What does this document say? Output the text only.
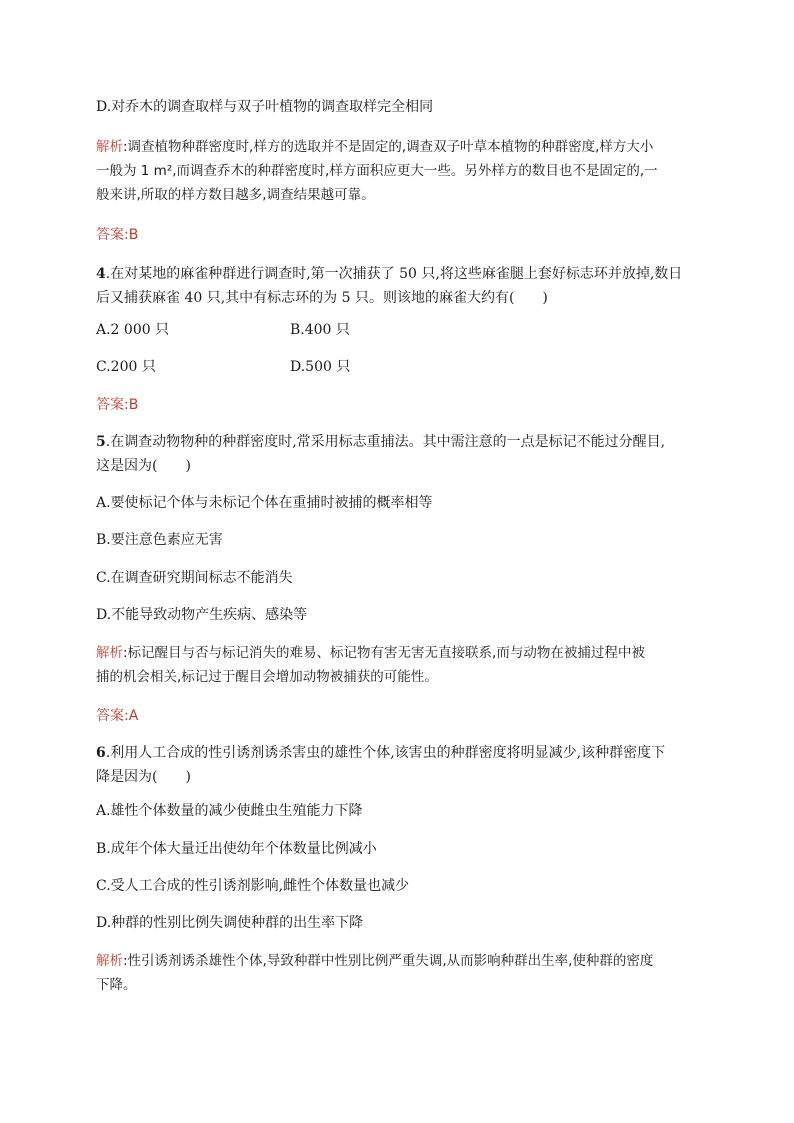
D.对乔木的调查取样与双子叶植物的调查取样完全相同
解析:调查植物种群密度时,样方的选取并不是固定的,调查双子叶草本植物的种群密度,样方大小
一般为 1 m²,而调查乔木的种群密度时,样方面积应更大一些。另外样方的数目也不是固定的,一
般来讲,所取的样方数目越多,调查结果越可靠。
答案:B
4.在对某地的麻雀种群进行调查时,第一次捕获了 50 只,将这些麻雀腿上套好标志环并放掉,数日
后又捕获麻雀 40 只,其中有标志环的为 5 只。则该地的麻雀大约有(　　)
A.2 000 只	B.400 只
C.200 只	D.500 只
答案:B
5.在调查动物物种的种群密度时,常采用标志重捕法。其中需注意的一点是标记不能过分醒目,
这是因为(　　)
A.要使标记个体与未标记个体在重捕时被捕的概率相等
B.要注意色素应无害
C.在调查研究期间标志不能消失
D.不能导致动物产生疾病、感染等
解析:标记醒目与否与标记消失的难易、标记物有害无害无直接联系,而与动物在被捕过程中被
捕的机会相关,标记过于醒目会增加动物被捕获的可能性。
答案:A
6.利用人工合成的性引诱剂诱杀害虫的雄性个体,该害虫的种群密度将明显减少,该种群密度下
降是因为(　　)
A.雄性个体数量的减少使雌虫生殖能力下降
B.成年个体大量迁出使幼年个体数量比例减小
C.受人工合成的性引诱剂影响,雌性个体数量也减少
D.种群的性别比例失调使种群的出生率下降
解析:性引诱剂诱杀雄性个体,导致种群中性别比例严重失调,从而影响种群出生率,使种群的密度
下降。
